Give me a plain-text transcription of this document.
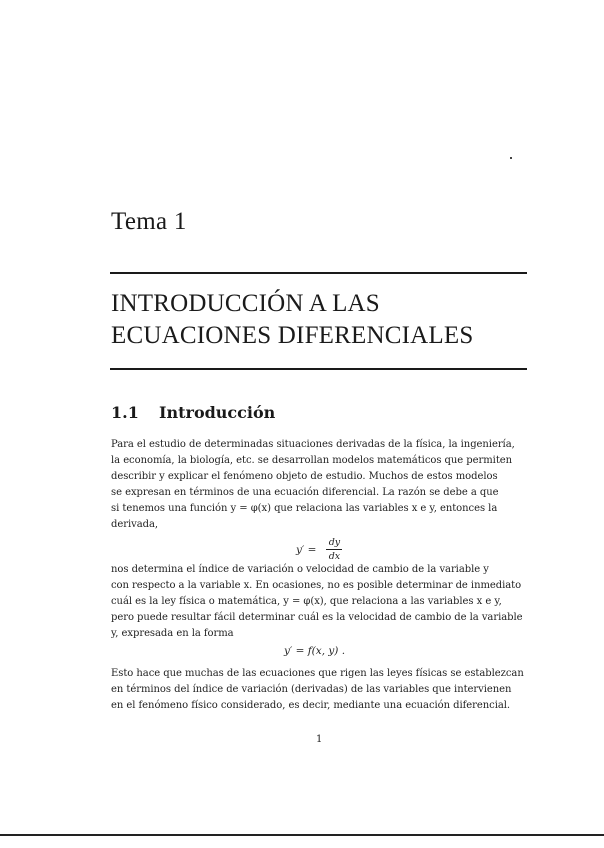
Tema 1
INTRODUCCIÓN A LAS
ECUACIONES DIFERENCIALES
1.1 Introducción
Para el estudio de determinadas situaciones derivadas de la física, la ingeniería,
la economía, la biología, etc. se desarrollan modelos matemáticos que permiten
describir y explicar el fenómeno objeto de estudio. Muchos de estos modelos
se expresan en términos de una ecuación diferencial. La razón se debe a que
si tenemos una función y = φ(x) que relaciona las variables x e y, entonces la
derivada,
$y' = \frac{dy}{dx}$
nos determina el índice de variación o velocidad de cambio de la variable y
con respecto a la variable x. En ocasiones, no es posible determinar de inmediato
cuál es la ley física o matemática, y = φ(x), que relaciona a las variables x e y,
pero puede resultar fácil determinar cuál es la velocidad de cambio de la variable
y, expresada en la forma
y′ = f(x, y) .
Esto hace que muchas de las ecuaciones que rigen las leyes físicas se establezcan
en términos del índice de variación (derivadas) de las variables que intervienen
en el fenómeno físico considerado, es decir, mediante una ecuación diferencial.
1
